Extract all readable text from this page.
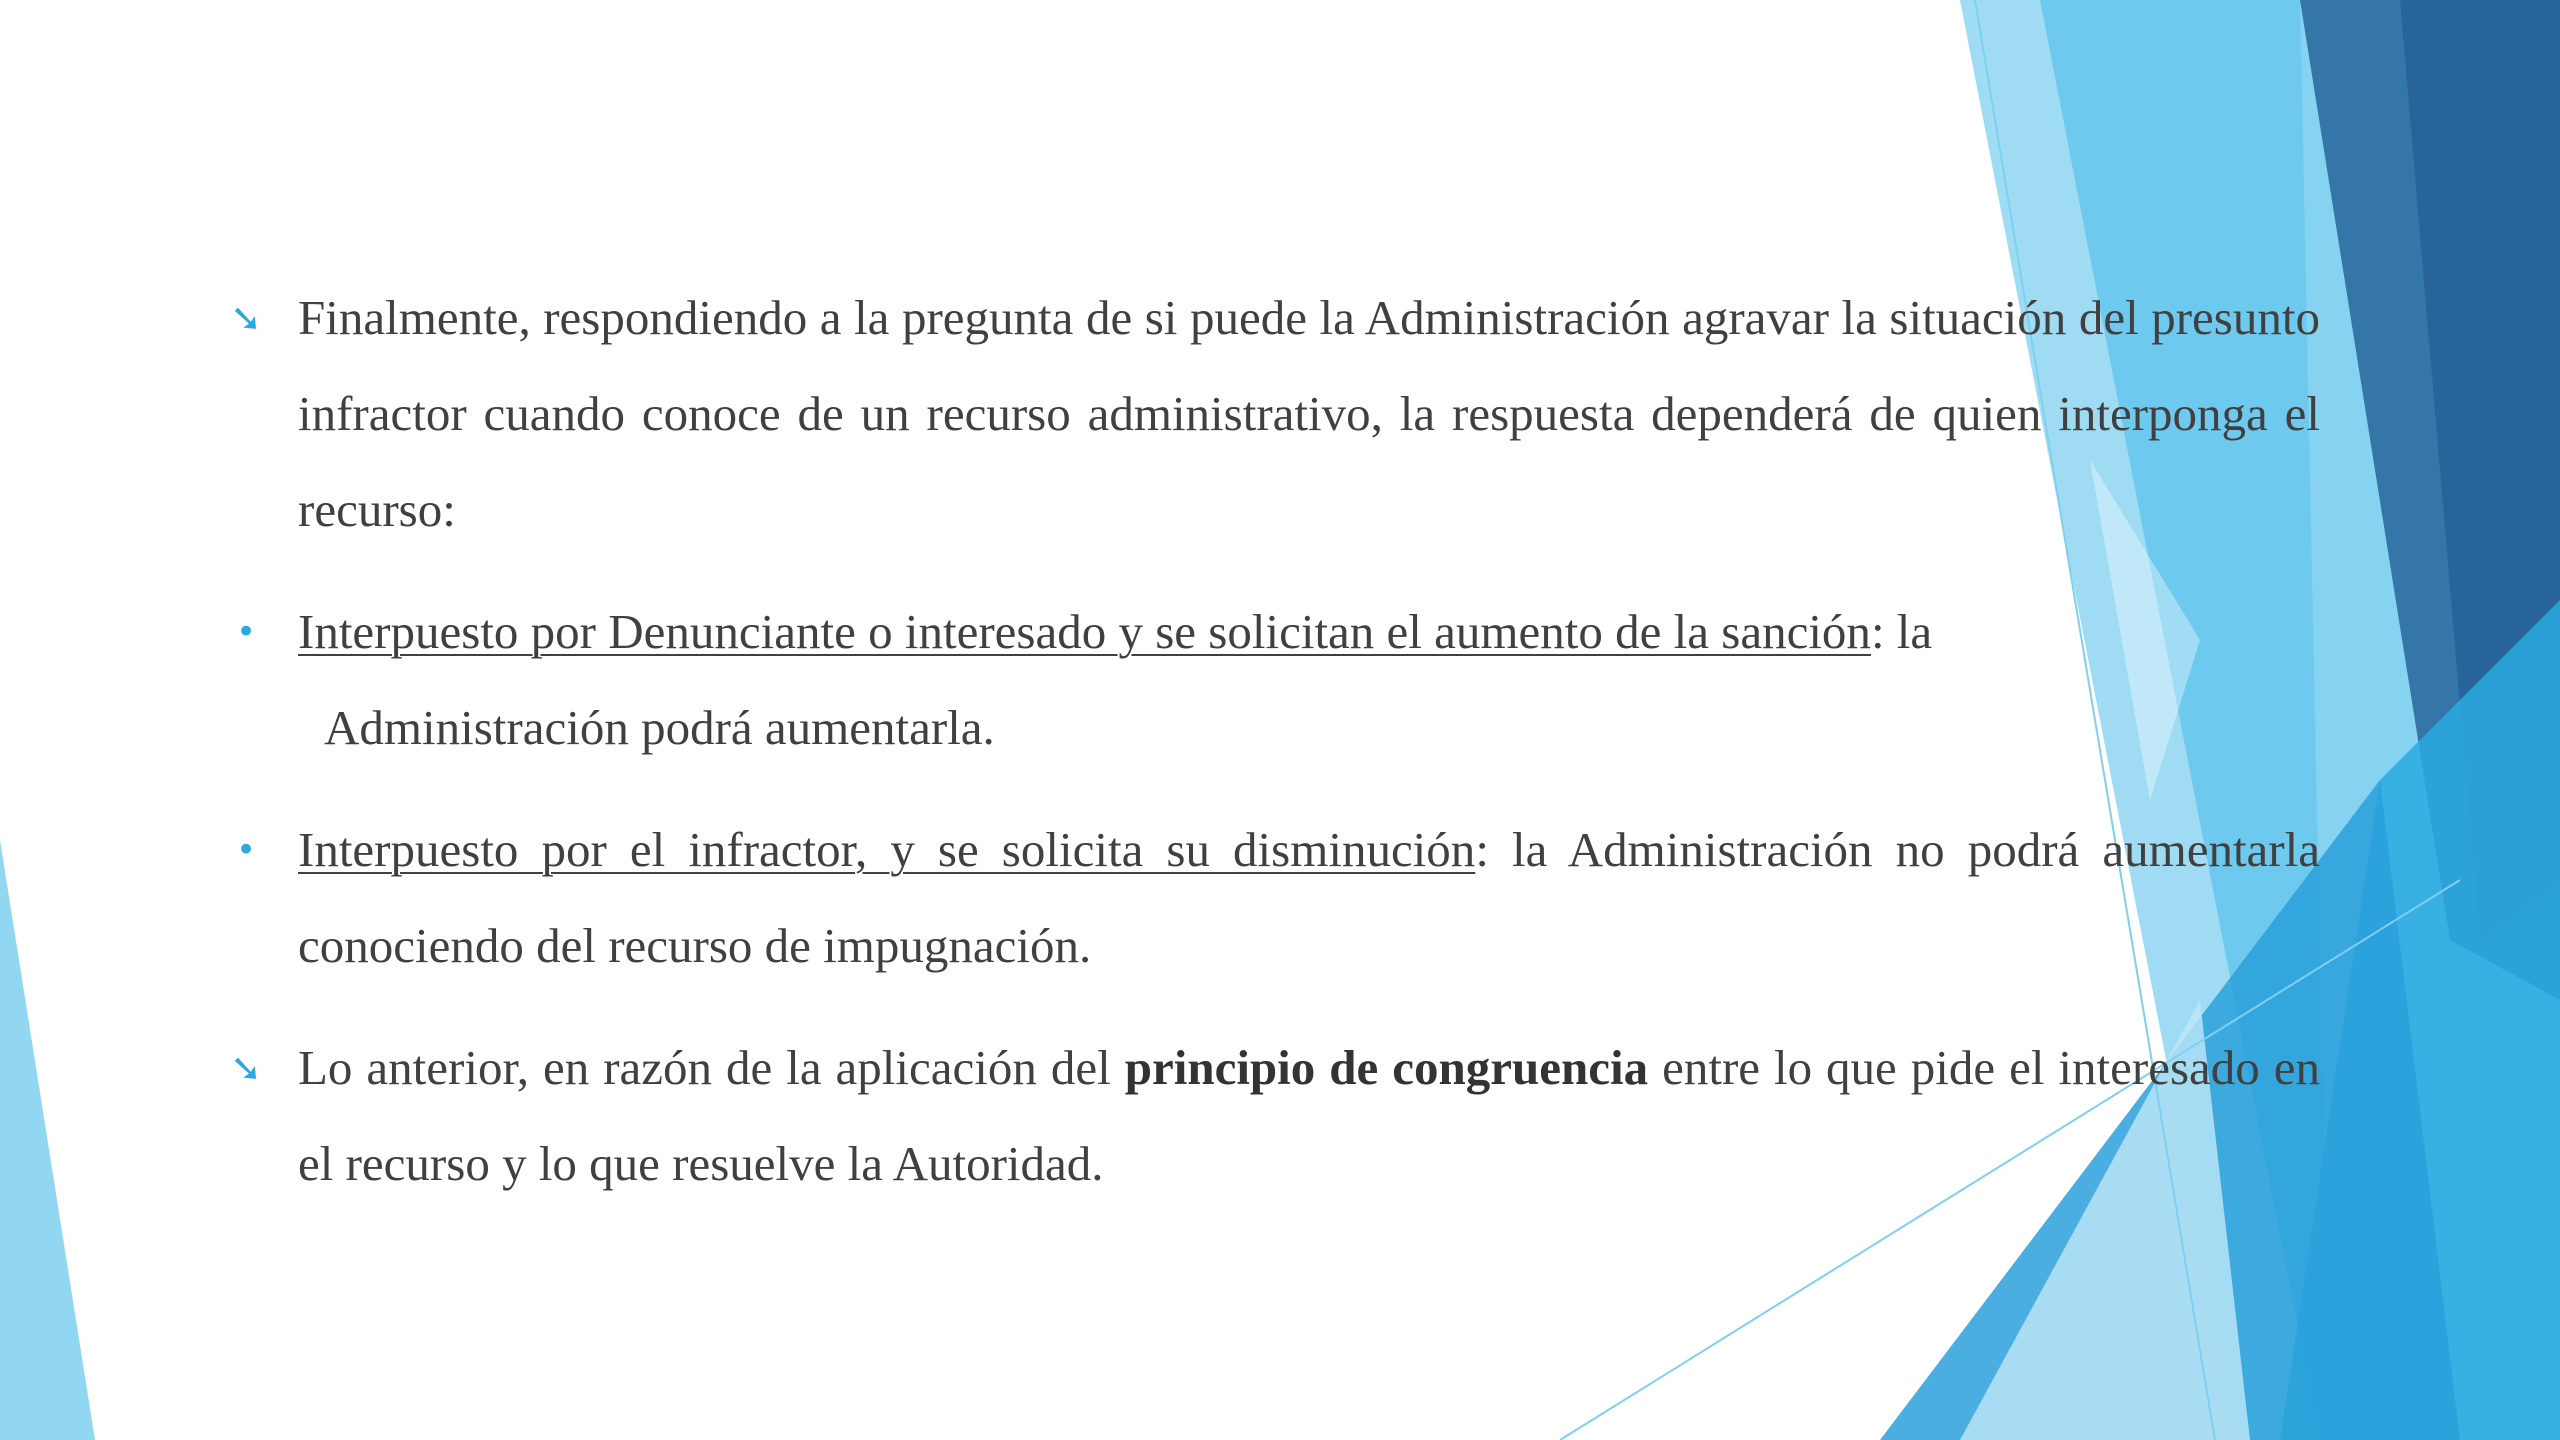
➘ Finalmente, respondiendo a la pregunta de si puede la Administración agravar la situación del presunto infractor cuando conoce de un recurso administrativo, la respuesta dependerá de quien interponga el recurso:
• Interpuesto por Denunciante o interesado y se solicitan el aumento de la sanción: la
Administración podrá aumentarla.
• Interpuesto por el infractor, y se solicita su disminución: la Administración no podrá aumentarla conociendo del recurso de impugnación.
➘ Lo anterior, en razón de la aplicación del principio de congruencia entre lo que pide el interesado en el recurso y lo que resuelve la Autoridad.
